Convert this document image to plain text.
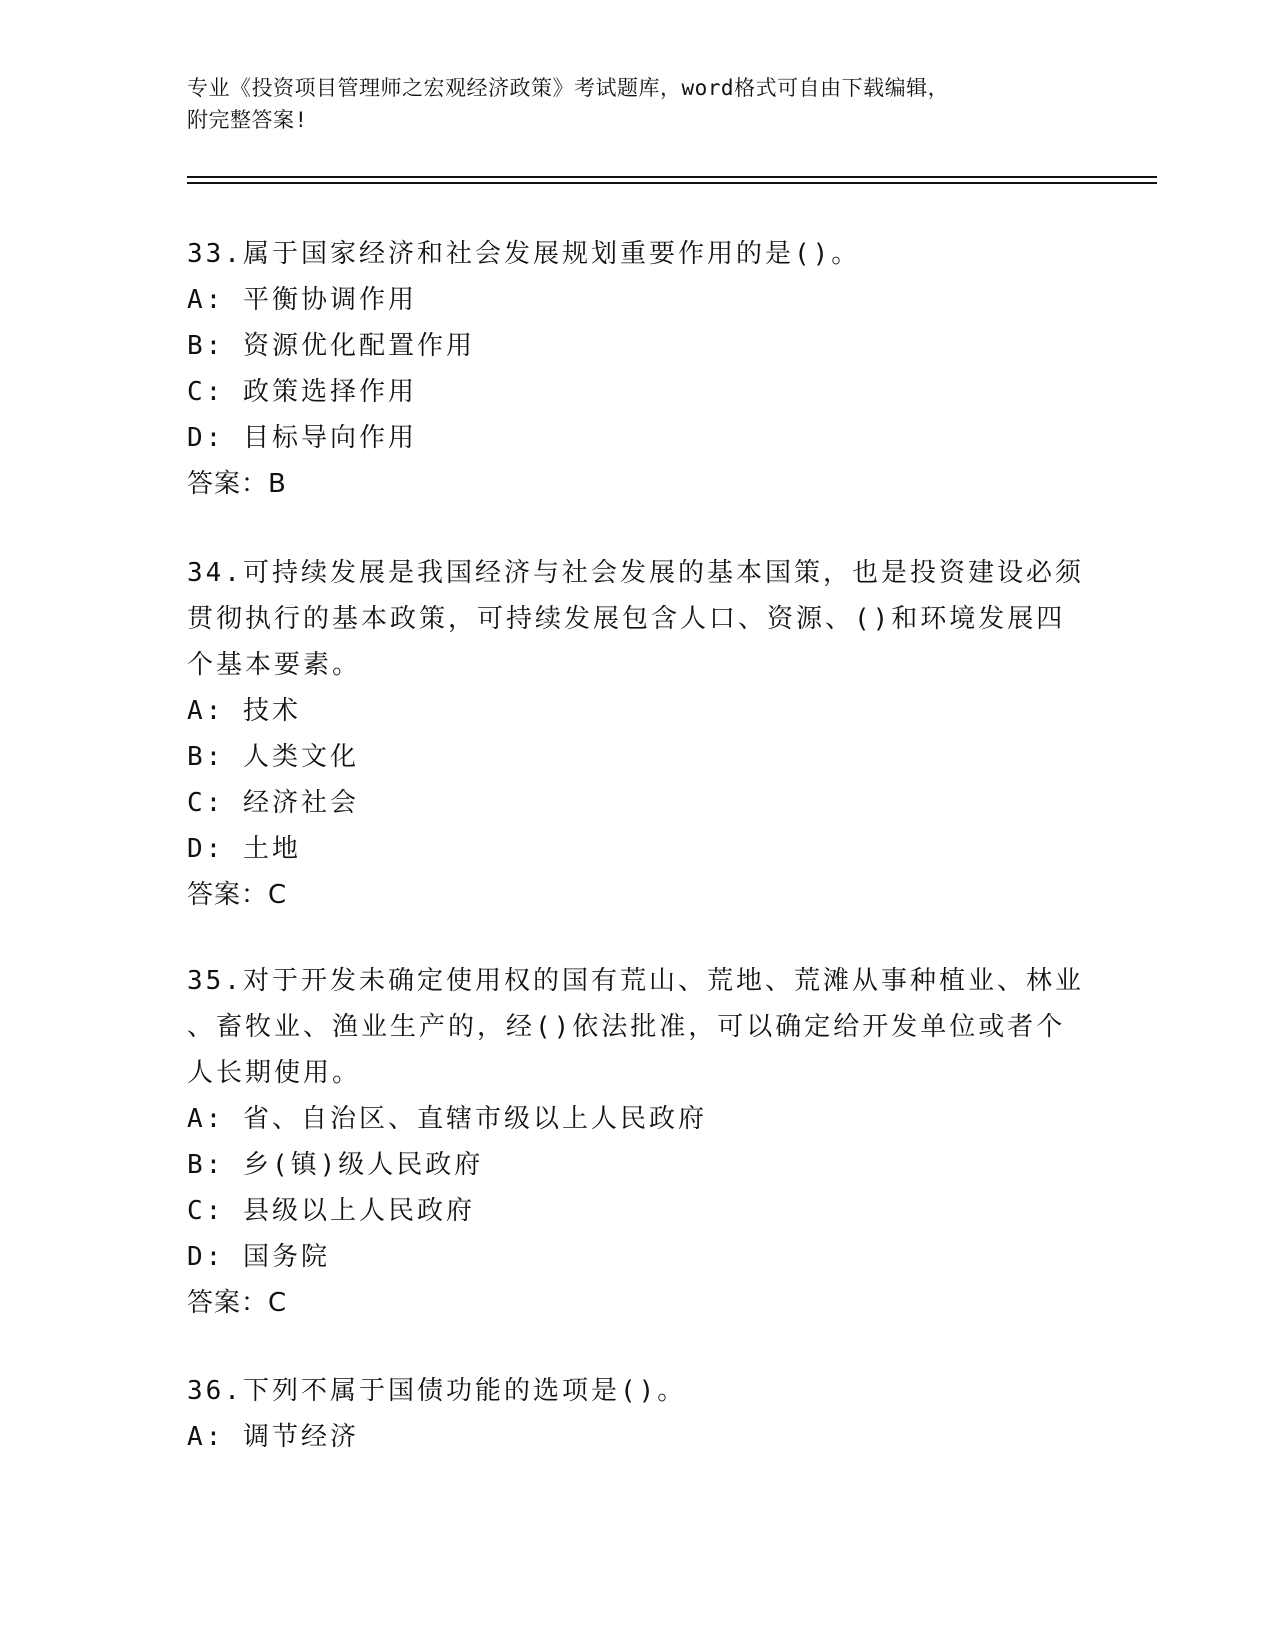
专业《投资项目管理师之宏观经济政策》考试题库，word格式可自由下载编辑，
附完整答案!
33.属于国家经济和社会发展规划重要作用的是()。
A: 平衡协调作用
B: 资源优化配置作用
C: 政策选择作用
D: 目标导向作用
答案：B
34.可持续发展是我国经济与社会发展的基本国策，也是投资建设必须
贯彻执行的基本政策，可持续发展包含人口、资源、()和环境发展四
个基本要素。
A: 技术
B: 人类文化
C: 经济社会
D: 土地
答案：C
35.对于开发未确定使用权的国有荒山、荒地、荒滩从事种植业、林业
、畜牧业、渔业生产的，经()依法批准，可以确定给开发单位或者个
人长期使用。
A: 省、自治区、直辖市级以上人民政府
B: 乡(镇)级人民政府
C: 县级以上人民政府
D: 国务院
答案：C
36.下列不属于国债功能的选项是()。
A: 调节经济
